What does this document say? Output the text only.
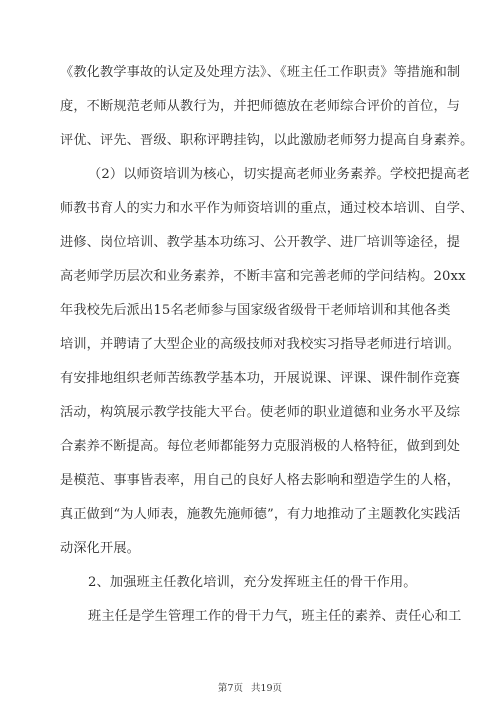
《教化教学事故的认定及处理方法》、《班主任工作职责》等措施和制
度，不断规范老师从教行为，并把师德放在老师综合评价的首位，与
评优、评先、晋级、职称评聘挂钩，以此激励老师努力提高自身素养。
（2）以师资培训为核心，切实提高老师业务素养。学校把提高老
师教书育人的实力和水平作为师资培训的重点，通过校本培训、自学、
进修、岗位培训、教学基本功练习、公开教学、进厂培训等途径，提
高老师学历层次和业务素养，不断丰富和完善老师的学问结构。20xx
年我校先后派出15名老师参与国家级省级骨干老师培训和其他各类
培训，并聘请了大型企业的高级技师对我校实习指导老师进行培训。
有安排地组织老师苦练教学基本功，开展说课、评课、课件制作竞赛
活动，构筑展示教学技能大平台。使老师的职业道德和业务水平及综
合素养不断提高。每位老师都能努力克服消极的人格特征，做到到处
是模范、事事皆表率，用自己的良好人格去影响和塑造学生的人格，
真正做到“为人师表，施教先施师德”，有力地推动了主题教化实践活
动深化开展。
2、加强班主任教化培训，充分发挥班主任的骨干作用。
班主任是学生管理工作的骨干力气，班主任的素养、责任心和工
第7页 共19页
